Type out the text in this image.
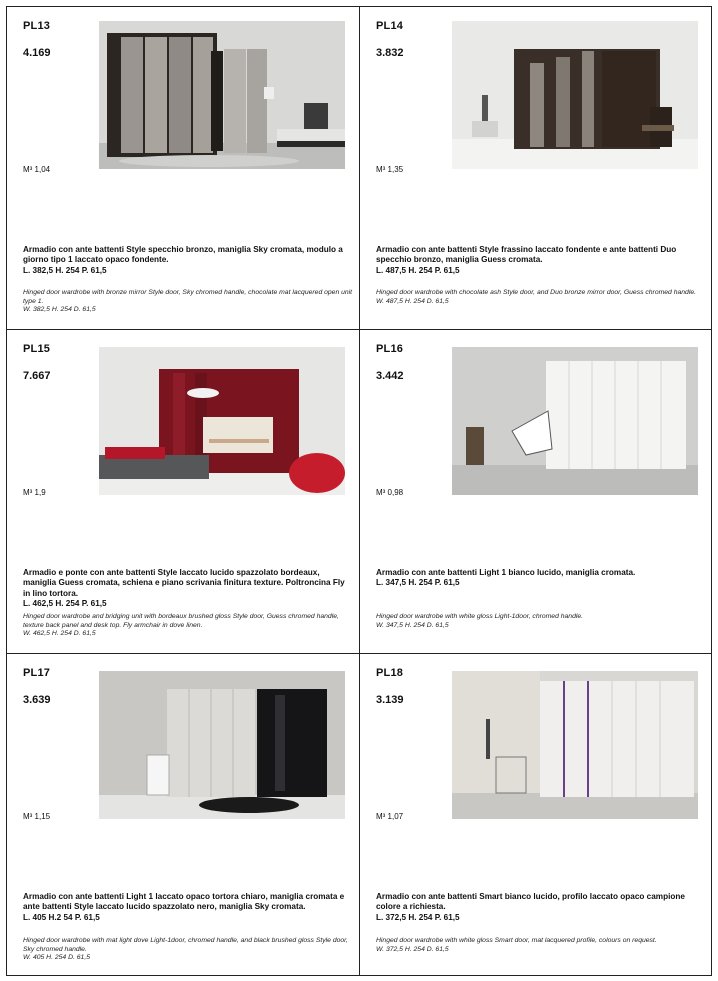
PL13
4.169
M³ 1,04
Armadio con ante battenti Style specchio bronzo, maniglia Sky cromata, modulo a giorno tipo 1 laccato opaco fondente.
L. 382,5 H. 254 P. 61,5
Hinged door wardrobe with bronze mirror Style door, Sky chromed handle, chocolate mat lacquered open unit type 1.
W. 382,5 H. 254 D. 61,5
PL14
3.832
M³ 1,35
Armadio con ante battenti Style frassino laccato fondente e ante battenti Duo specchio bronzo, maniglia Guess cromata.
L. 487,5 H. 254 P. 61,5
Hinged door wardrobe with chocolate ash Style door, and Duo bronze mirror door, Guess chromed handle.
W. 487,5 H. 254 D. 61,5
PL15
7.667
M³ 1,9
Armadio e ponte con ante battenti Style laccato lucido spazzolato bordeaux, maniglia Guess cromata, schiena e piano scrivania finitura texture. Poltroncina Fly in lino tortora.
L. 462,5 H. 254 P. 61,5
Hinged door wardrobe and bridging unit with bordeaux brushed gloss Style door, Guess chromed handle, texture back panel and desk top. Fly armchair in dove linen.
W. 462,5 H. 254 D. 61,5
PL16
3.442
M³ 0,98
Armadio con ante battenti Light 1 bianco lucido, maniglia cromata.
L. 347,5 H. 254 P. 61,5
Hinged door wardrobe with white gloss Light-1door, chromed handle.
W. 347,5 H. 254 D. 61,5
PL17
3.639
M³ 1,15
Armadio con ante battenti Light 1 laccato opaco tortora chiaro, maniglia cromata e ante battenti Style laccato lucido spazzolato nero, maniglia Sky cromata.
L. 405 H.2 54 P. 61,5
Hinged door wardrobe with mat light dove Light-1door, chromed handle, and black brushed gloss Style door, Sky chromed handle.
W. 405 H. 254 D. 61,5
PL18
3.139
M³ 1,07
Armadio con ante battenti Smart bianco lucido, profilo laccato opaco campione colore a richiesta.
L. 372,5 H. 254 P. 61,5
Hinged door wardrobe with white gloss Smart door, mat lacquered profile, colours on request.
W. 372,5 H. 254 D. 61,5
